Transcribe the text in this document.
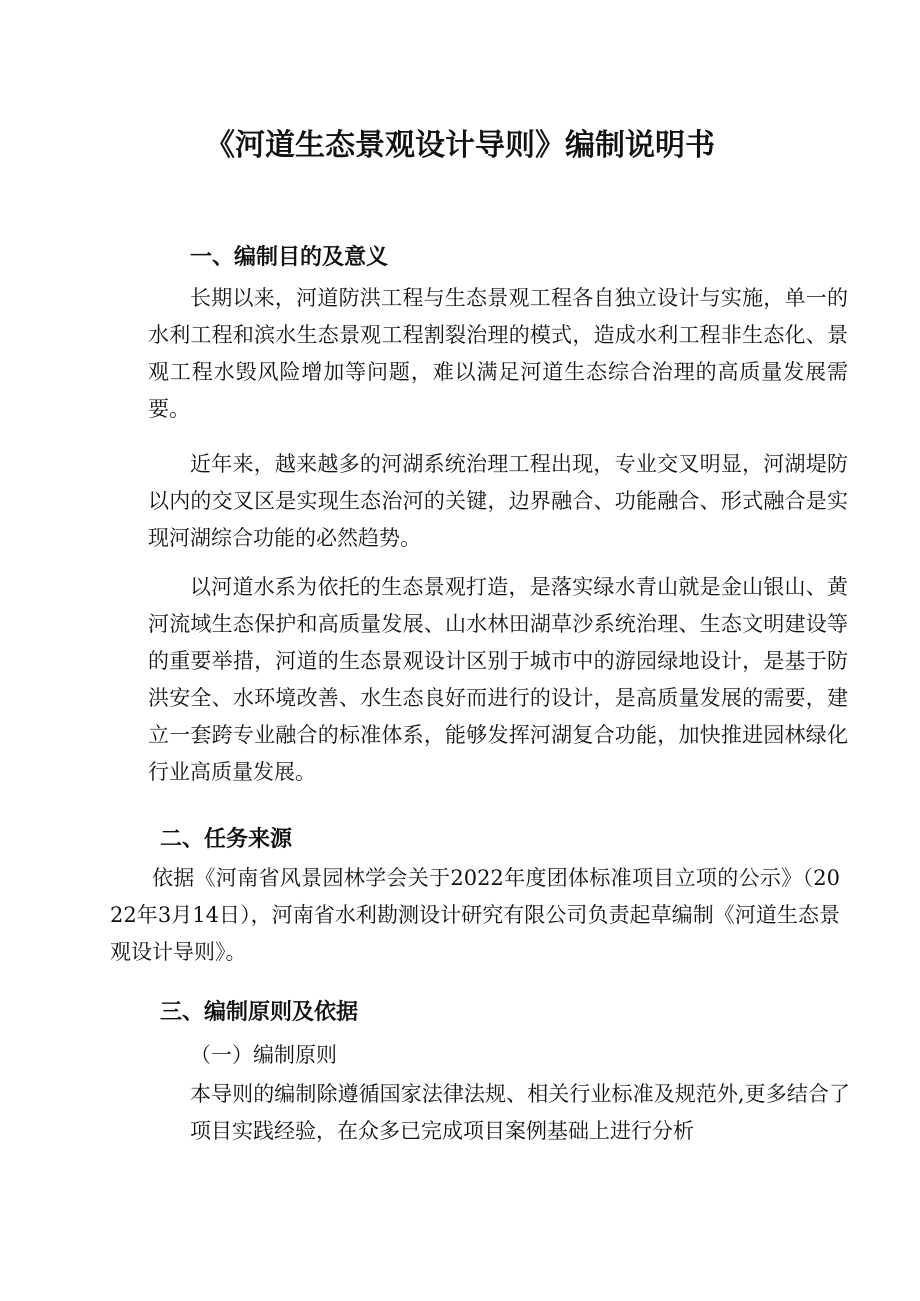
《河道生态景观设计导则》编制说明书
一、编制目的及意义
长期以来，河道防洪工程与生态景观工程各自独立设计与实施，单一的水利工程和滨水生态景观工程割裂治理的模式，造成水利工程非生态化、景观工程水毁风险增加等问题，难以满足河道生态综合治理的高质量发展需要。
近年来，越来越多的河湖系统治理工程出现，专业交叉明显，河湖堤防以内的交叉区是实现生态治河的关键，边界融合、功能融合、形式融合是实现河湖综合功能的必然趋势。
以河道水系为依托的生态景观打造，是落实绿水青山就是金山银山、黄河流域生态保护和高质量发展、山水林田湖草沙系统治理、生态文明建设等的重要举措，河道的生态景观设计区别于城市中的游园绿地设计，是基于防洪安全、水环境改善、水生态良好而进行的设计，是高质量发展的需要，建立一套跨专业融合的标准体系，能够发挥河湖复合功能，加快推进园林绿化行业高质量发展。
二、任务来源
依据《河南省风景园林学会关于2022年度团体标准项目立项的公示》（2022年3月14日），河南省水利勘测设计研究有限公司负责起草编制《河道生态景观设计导则》。
三、编制原则及依据
（一）编制原则
本导则的编制除遵循国家法律法规、相关行业标准及规范外,更多结合了项目实践经验，在众多已完成项目案例基础上进行分析
